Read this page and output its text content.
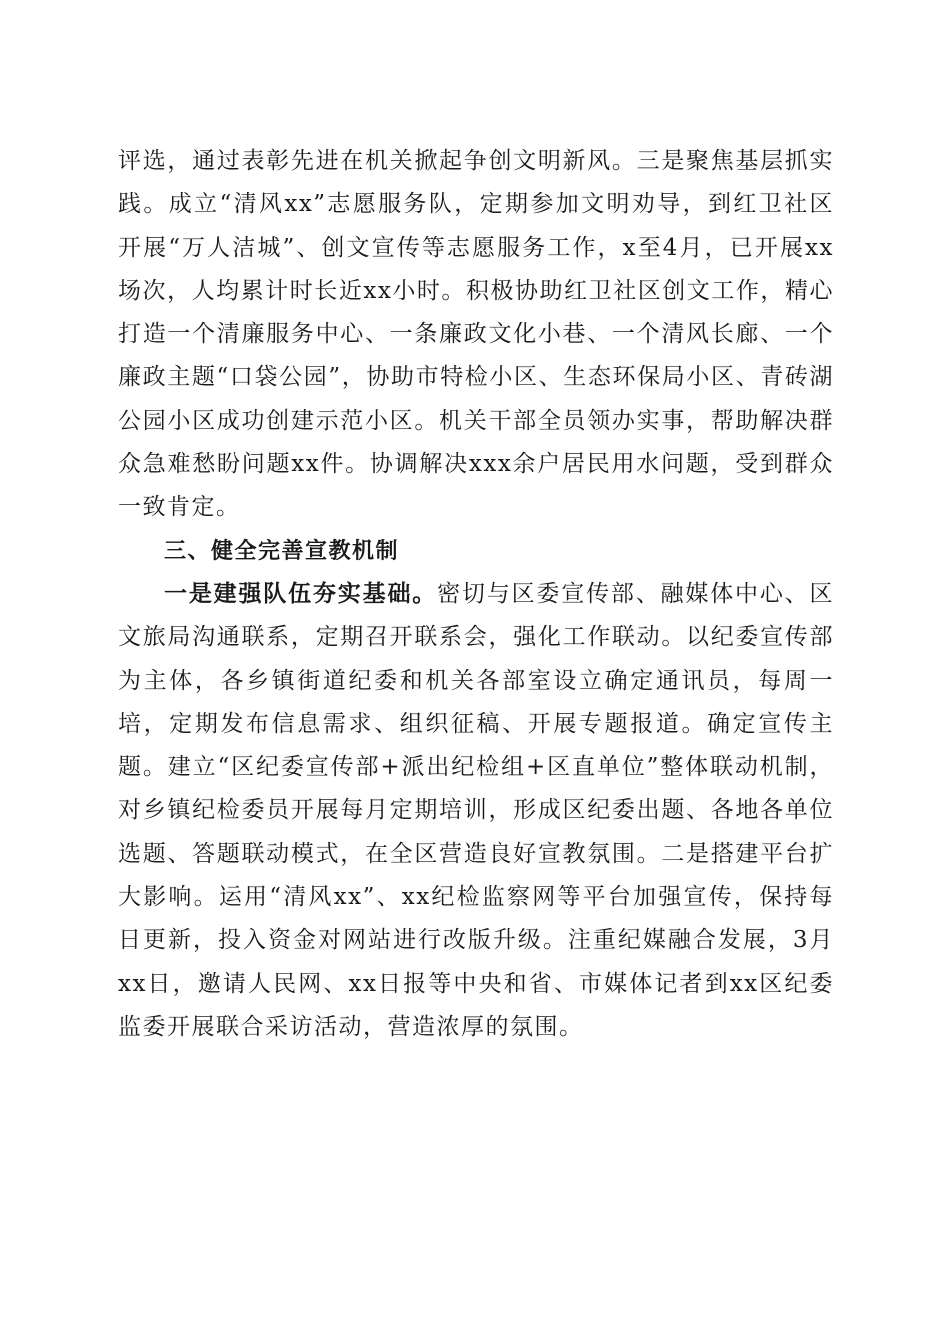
评选，通过表彰先进在机关掀起争创文明新风。三是聚焦基层抓实践。成立“清风xx”志愿服务队，定期参加文明劝导，到红卫社区开展“万人洁城”、创文宣传等志愿服务工作，x至4月，已开展xx场次，人均累计时长近xx小时。积极协助红卫社区创文工作，精心打造一个清廉服务中心、一条廉政文化小巷、一个清风长廊、一个廉政主题“口袋公园”，协助市特检小区、生态环保局小区、青砖湖公园小区成功创建示范小区。机关干部全员领办实事，帮助解决群众急难愁盼问题xx件。协调解决xxx余户居民用水问题，受到群众一致肯定。

三、健全完善宣教机制

一是建强队伍夯实基础。密切与区委宣传部、融媒体中心、区文旅局沟通联系，定期召开联系会，强化工作联动。以纪委宣传部为主体，各乡镇街道纪委和机关各部室设立确定通讯员，每周一培，定期发布信息需求、组织征稿、开展专题报道。确定宣传主题。建立“区纪委宣传部+派出纪检组+区直单位”整体联动机制，对乡镇纪检委员开展每月定期培训，形成区纪委出题、各地各单位选题、答题联动模式，在全区营造良好宣教氛围。二是搭建平台扩大影响。运用“清风xx”、xx纪检监察网等平台加强宣传，保持每日更新，投入资金对网站进行改版升级。注重纪媒融合发展，3月xx日，邀请人民网、xx日报等中央和省、市媒体记者到xx区纪委监委开展联合采访活动，营造浓厚的氛围。
